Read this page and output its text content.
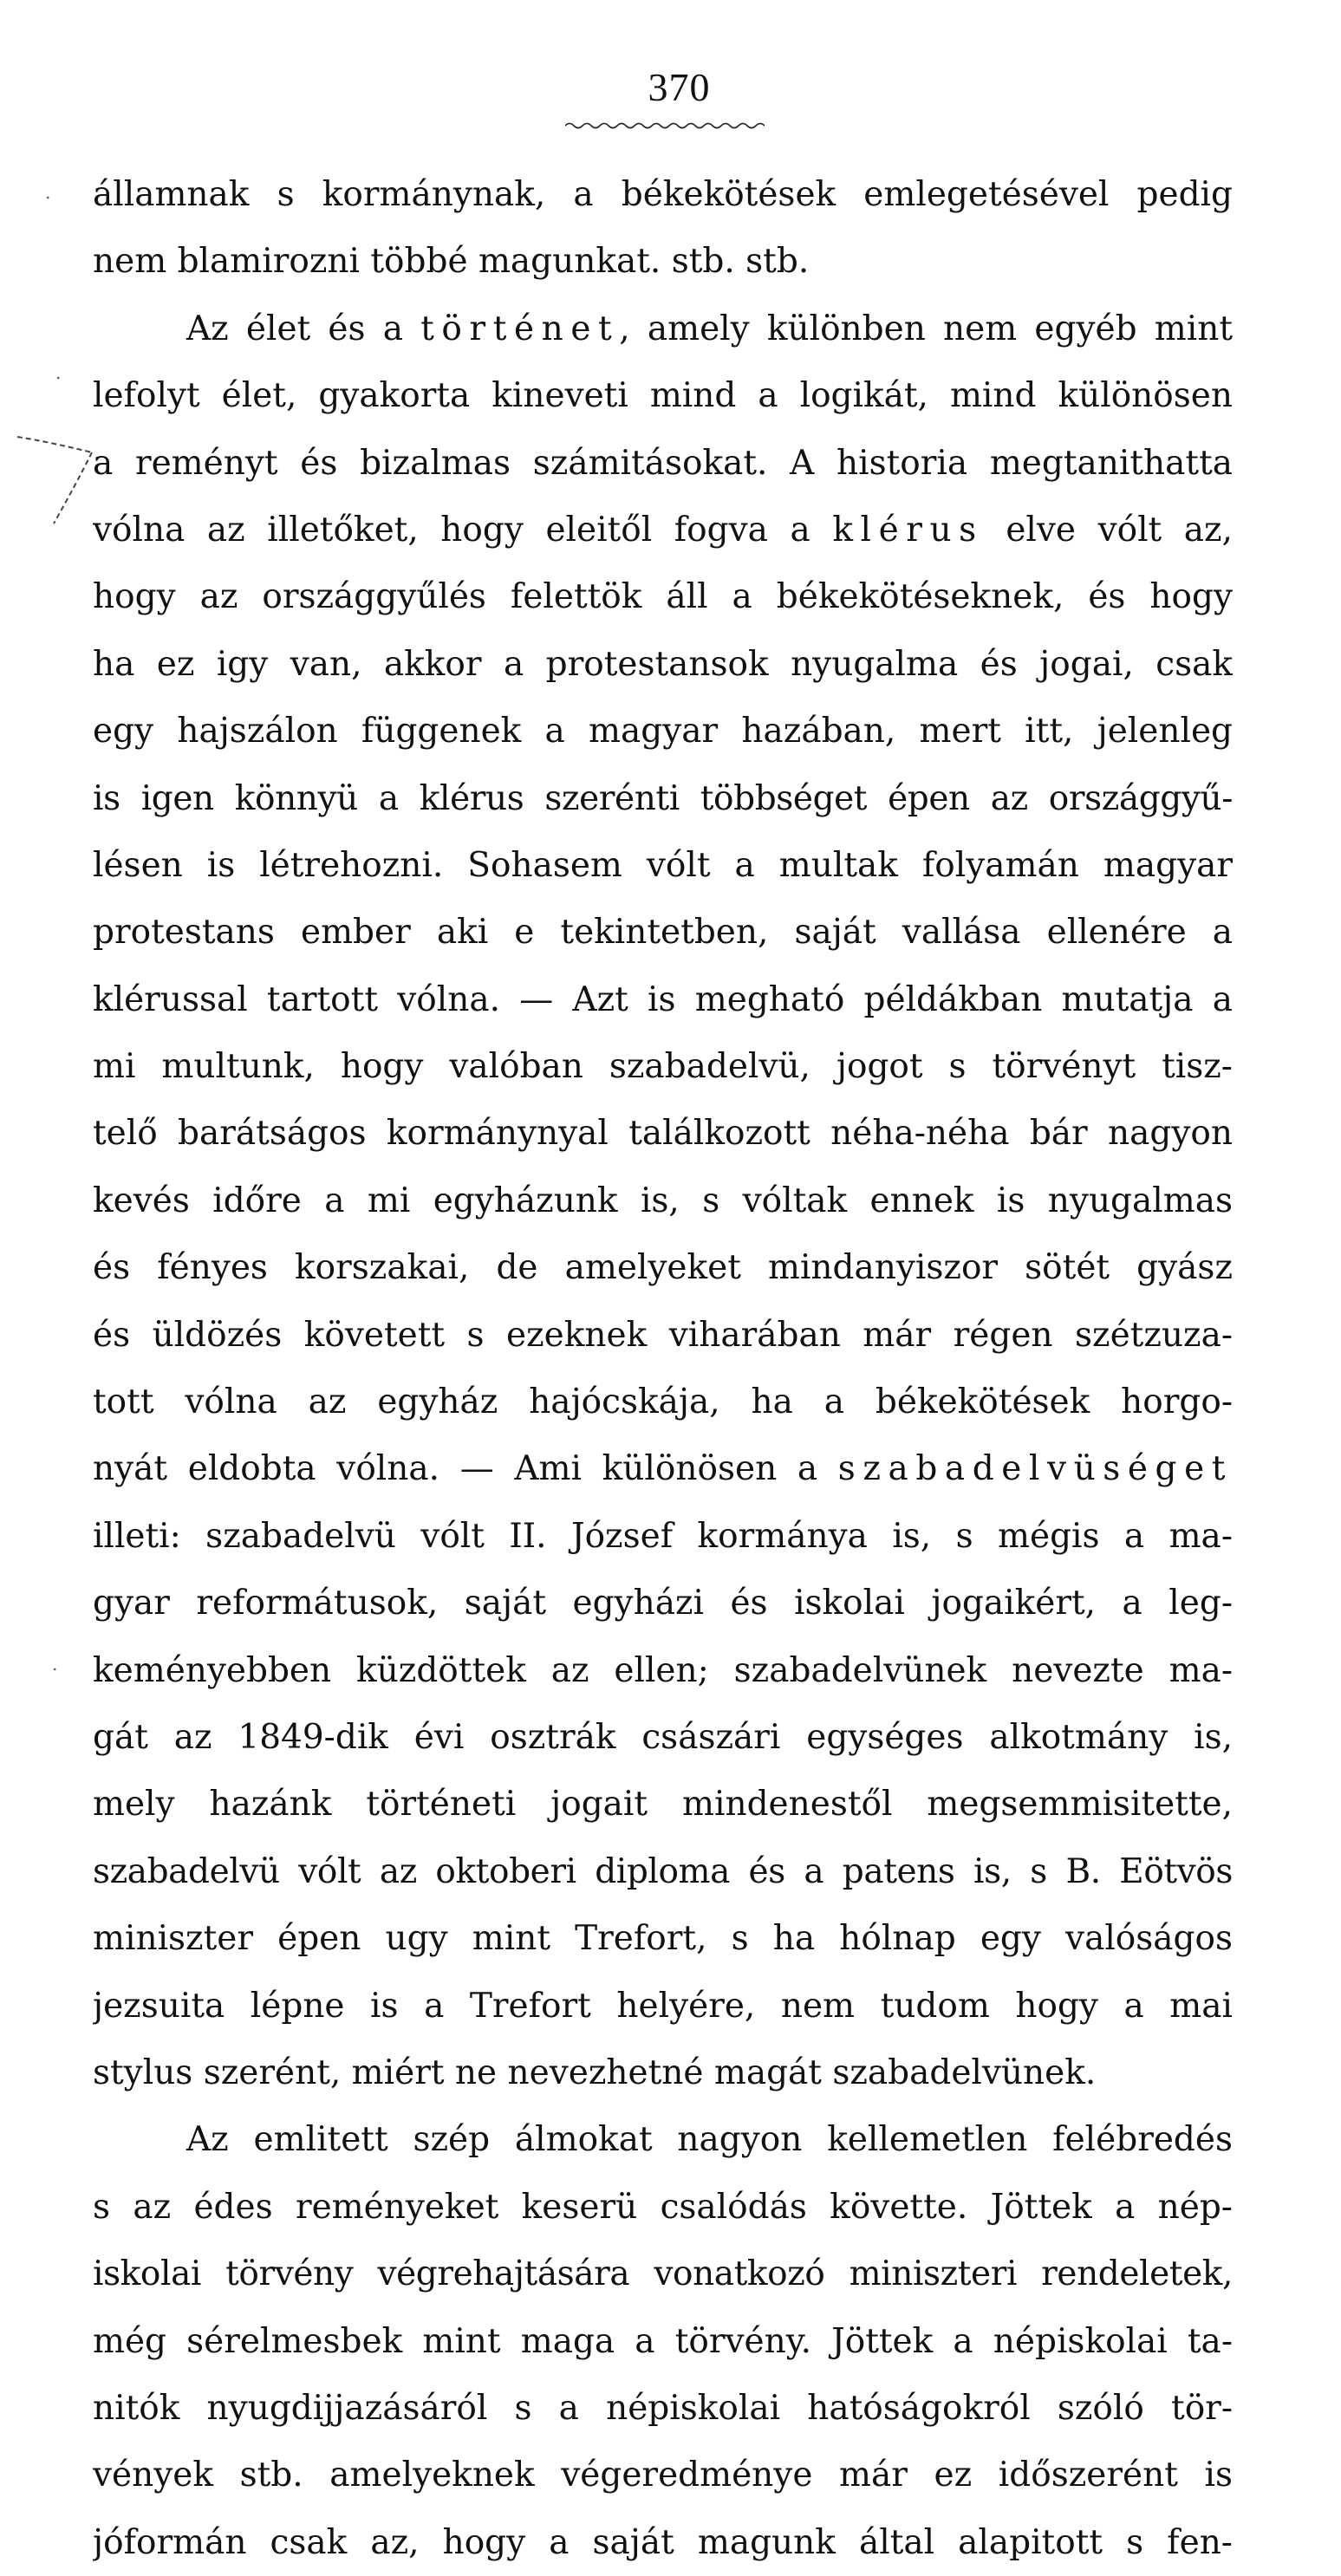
370
.
.
.
államnak s kormánynak, a békekötések emlegetésével pedig
nem blamirozni többé magunkat. stb. stb.
Az élet és a történet, amely különben nem egyéb mint
lefolyt élet, gyakorta kineveti mind a logikát, mind különösen
a reményt és bizalmas számitásokat. A historia megtanithatta
vólna az illetőket, hogy eleitől fogva a klérus elve vólt az,
hogy az országgyűlés felettök áll a békekötéseknek, és hogy
ha ez igy van, akkor a protestansok nyugalma és jogai, csak
egy hajszálon függenek a magyar hazában, mert itt, jelenleg
is igen könnyü a klérus szerénti többséget épen az országgyű-
lésen is létrehozni. Sohasem vólt a multak folyamán magyar
protestans ember aki e tekintetben, saját vallása ellenére a
klérussal tartott vólna. — Azt is megható példákban mutatja a
mi multunk, hogy valóban szabadelvü, jogot s törvényt tisz-
telő barátságos kormánynyal találkozott néha-néha bár nagyon
kevés időre a mi egyházunk is, s vóltak ennek is nyugalmas
és fényes korszakai, de amelyeket mindanyiszor sötét gyász
és üldözés követett s ezeknek viharában már régen szétzuza-
tott vólna az egyház hajócskája, ha a békekötések horgo-
nyát eldobta vólna. — Ami különösen a szabadelvüséget
illeti: szabadelvü vólt II. József kormánya is, s mégis a ma-
gyar reformátusok, saját egyházi és iskolai jogaikért, a leg-
keményebben küzdöttek az ellen; szabadelvünek nevezte ma-
gát az 1849-dik évi osztrák császári egységes alkotmány is,
mely hazánk történeti jogait mindenestől megsemmisitette,
szabadelvü vólt az oktoberi diploma és a patens is, s B. Eötvös
miniszter épen ugy mint Trefort, s ha hólnap egy valóságos
jezsuita lépne is a Trefort helyére, nem tudom hogy a mai
stylus szerént, miért ne nevezhetné magát szabadelvünek.
Az emlitett szép álmokat nagyon kellemetlen felébredés
s az édes reményeket keserü csalódás követte. Jöttek a nép-
iskolai törvény végrehajtására vonatkozó miniszteri rendeletek,
még sérelmesbek mint maga a törvény. Jöttek a népiskolai ta-
nitók nyugdijjazásáról s a népiskolai hatóságokról szóló tör-
vények stb. amelyeknek végeredménye már ez időszerént is
jóformán csak az, hogy a saját magunk által alapitott s fen-
